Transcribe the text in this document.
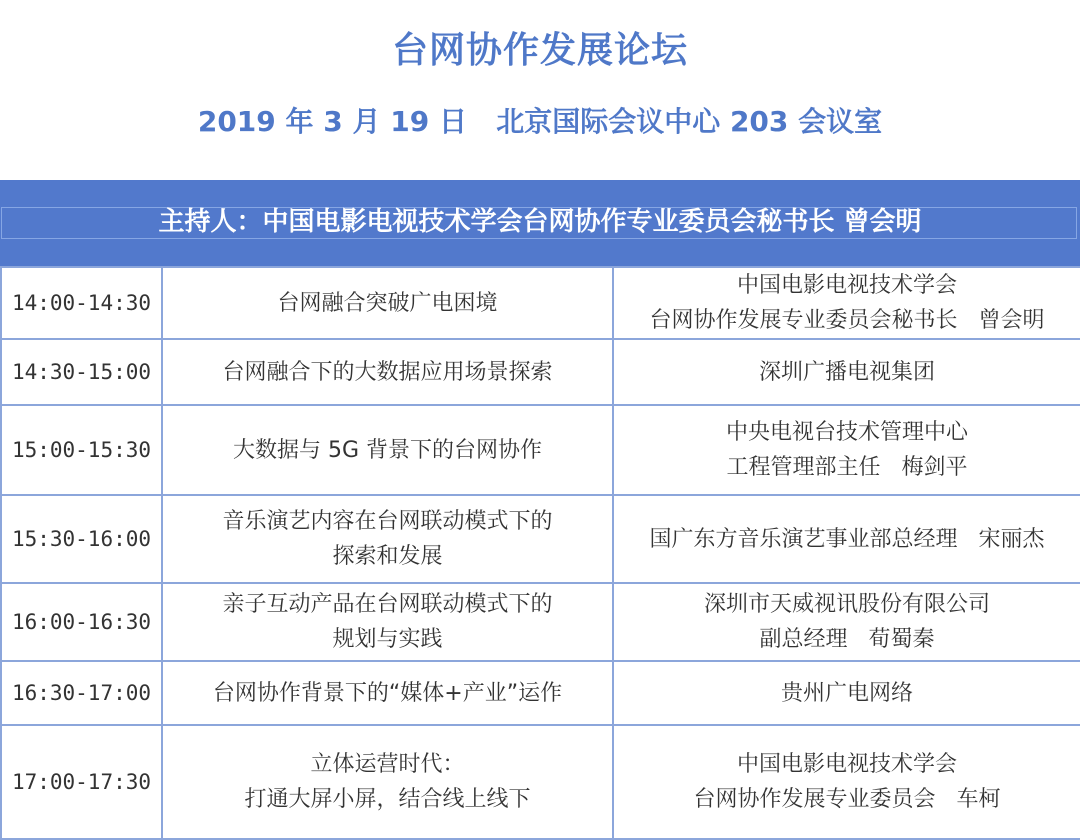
台网协作发展论坛
2019 年 3 月 19 日   北京国际会议中心 203 会议室
主持人：中国电影电视技术学会台网协作专业委员会秘书长 曾会明
14:00-14:30	台网融合突破广电困境	中国电影电视技术学会
台网协作发展专业委员会秘书长   曾会明

14:30-15:00	台网融合下的大数据应用场景探索	深圳广播电视集团

15:00-15:30	大数据与 5G 背景下的台网协作	中央电视台技术管理中心
工程管理部主任   梅剑平

15:30-16:00	音乐演艺内容在台网联动模式下的
探索和发展	国广东方音乐演艺事业部总经理   宋丽杰

16:00-16:30	亲子互动产品在台网联动模式下的
规划与实践	深圳市天威视讯股份有限公司
副总经理   荀蜀秦

16:30-17:00	台网协作背景下的“媒体+产业”运作	贵州广电网络

17:00-17:30	立体运营时代：
打通大屏小屏，结合线上线下	中国电影电视技术学会
台网协作发展专业委员会   车柯
